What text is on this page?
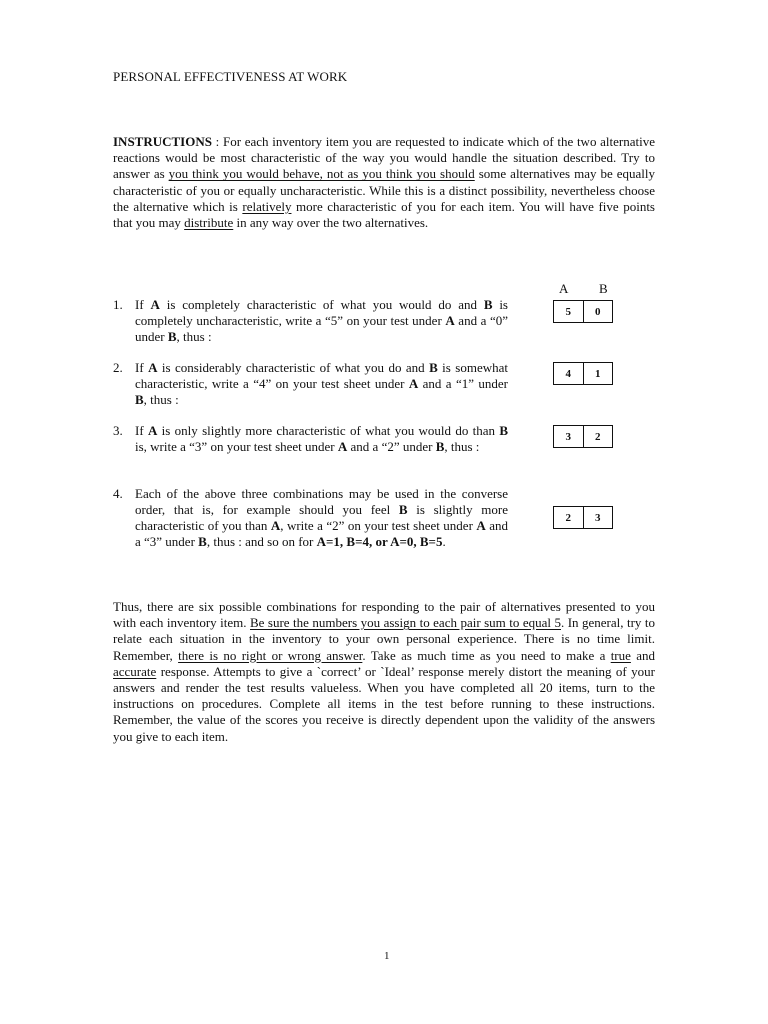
PERSONAL EFFECTIVENESS AT WORK
INSTRUCTIONS : For each inventory item you are requested to indicate which of the two alternative reactions would be most characteristic of the way you would handle the situation described. Try to answer as you think you would behave, not as you think you should some alternatives may be equally characteristic of you or equally uncharacteristic. While this is a distinct possibility, nevertheless choose the alternative which is relatively more characteristic of you for each item. You will have five points that you may distribute in any way over the two alternatives.
A B
1. If A is completely characteristic of what you would do and B is completely uncharacteristic, write a “5” on your test under A and a “0” under B, thus :
5	0
2. If A is considerably characteristic of what you do and B is somewhat characteristic, write a “4” on your test sheet under A and a “1” under B, thus :
4	1
3. If A is only slightly more characteristic of what you would do than B is, write a “3” on your test sheet under A and a “2” under B, thus :
3	2
4. Each of the above three combinations may be used in the converse order, that is, for example should you feel B is slightly more characteristic of you than A, write a “2” on your test sheet under A and a “3” under B, thus : and so on for A=1, B=4, or A=0, B=5.
2	3
Thus, there are six possible combinations for responding to the pair of alternatives presented to you with each inventory item. Be sure the numbers you assign to each pair sum to equal 5. In general, try to relate each situation in the inventory to your own personal experience. There is no time limit. Remember, there is no right or wrong answer. Take as much time as you need to make a true and accurate response. Attempts to give a `correct’ or `Ideal’ response merely distort the meaning of your answers and render the test results valueless. When you have completed all 20 items, turn to the instructions on procedures. Complete all items in the test before running to these instructions. Remember, the value of the scores you receive is directly dependent upon the validity of the answers you give to each item.
1
